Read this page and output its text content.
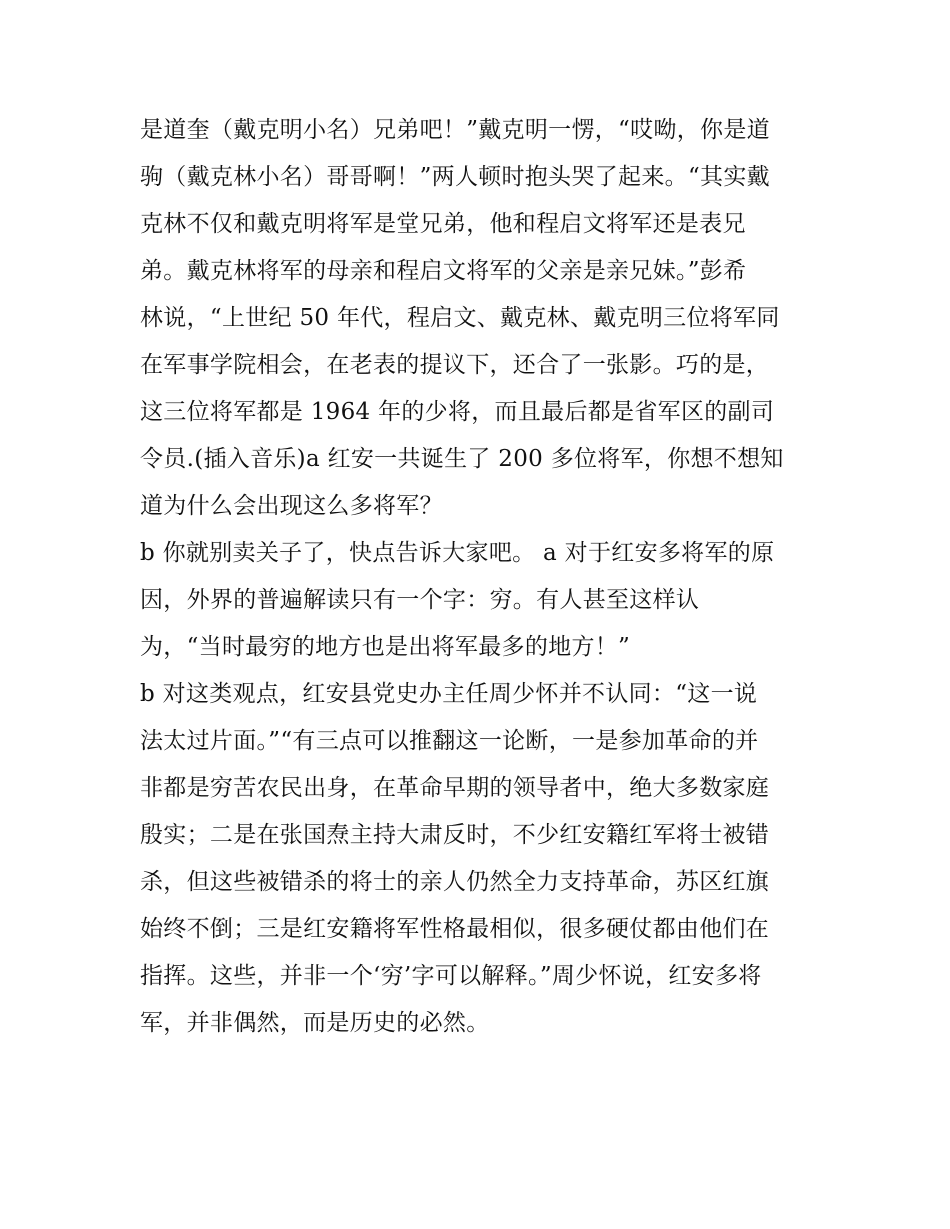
是道奎（戴克明小名）兄弟吧！”戴克明一愣，“哎呦，你是道
驹（戴克林小名）哥哥啊！”两人顿时抱头哭了起来。“其实戴
克林不仅和戴克明将军是堂兄弟，他和程启文将军还是表兄
弟。戴克林将军的母亲和程启文将军的父亲是亲兄妹。”彭希
林说，“上世纪 50 年代，程启文、戴克林、戴克明三位将军同
在军事学院相会，在老表的提议下，还合了一张影。巧的是，
这三位将军都是 1964 年的少将，而且最后都是省军区的副司
令员.(插入音乐)a 红安一共诞生了 200 多位将军，你想不想知
道为什么会出现这么多将军？
b 你就别卖关子了，快点告诉大家吧。 a 对于红安多将军的原
因，外界的普遍解读只有一个字：穷。有人甚至这样认
为，“当时最穷的地方也是出将军最多的地方！”
b 对这类观点，红安县党史办主任周少怀并不认同：“这一说
法太过片面。”“有三点可以推翻这一论断，一是参加革命的并
非都是穷苦农民出身，在革命早期的领导者中，绝大多数家庭
殷实；二是在张国焘主持大肃反时，不少红安籍红军将士被错
杀，但这些被错杀的将士的亲人仍然全力支持革命，苏区红旗
始终不倒；三是红安籍将军性格最相似，很多硬仗都由他们在
指挥。这些，并非一个‘穷’字可以解释。”周少怀说，红安多将
军，并非偶然，而是历史的必然。
